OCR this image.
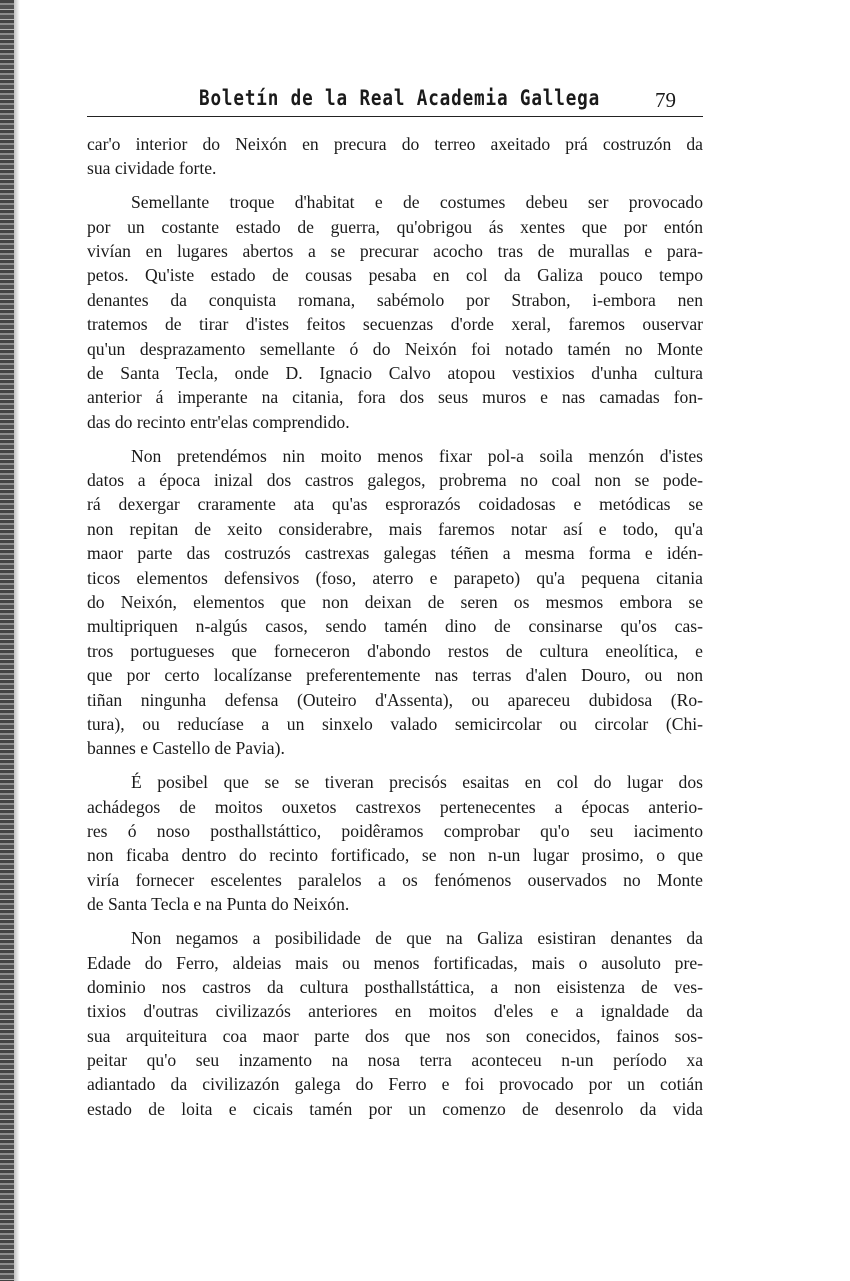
Boletín de la Real Academia Gallega	79
car'o interior do Neixón en precura do terreo axeitado prá costruzón da
sua cividade forte.
Semellante troque d'habitat e de costumes debeu ser provocado
por un costante estado de guerra, qu'obrigou ás xentes que por entón
vivían en lugares abertos a se precurar acocho tras de murallas e para-
petos. Qu'iste estado de cousas pesaba en col da Galiza pouco tempo
denantes da conquista romana, sabémolo por Strabon, i-embora nen
tratemos de tirar d'istes feitos secuenzas d'orde xeral, faremos ouservar
qu'un desprazamento semellante ó do Neixón foi notado tamén no Monte
de Santa Tecla, onde D. Ignacio Calvo atopou vestixios d'unha cultura
anterior á imperante na citania, fora dos seus muros e nas camadas fon-
das do recinto entr'elas comprendido.
Non pretendémos nin moito menos fixar pol-a soila menzón d'istes
datos a época inizal dos castros galegos, probrema no coal non se pode-
rá dexergar craramente ata qu'as esprorazós coidadosas e metódicas se
non repitan de xeito considerabre, mais faremos notar así e todo, qu'a
maor parte das costruzós castrexas galegas téñen a mesma forma e idén-
ticos elementos defensivos (foso, aterro e parapeto) qu'a pequena citania
do Neixón, elementos que non deixan de seren os mesmos embora se
multipriquen n-algús casos, sendo tamén dino de consinarse qu'os cas-
tros portugueses que forneceron d'abondo restos de cultura eneolítica, e
que por certo localízanse preferentemente nas terras d'alen Douro, ou non
tiñan ningunha defensa (Outeiro d'Assenta), ou apareceu dubidosa (Ro-
tura), ou reducíase a un sinxelo valado semicircolar ou circolar (Chi-
bannes e Castello de Pavia).
É posibel que se se tiveran precisós esaitas en col do lugar dos
achádegos de moitos ouxetos castrexos pertenecentes a épocas anterio-
res ó noso posthallstáttico, poidêramos comprobar qu'o seu iacimento
non ficaba dentro do recinto fortificado, se non n-un lugar prosimo, o que
viría fornecer escelentes paralelos a os fenómenos ouservados no Monte
de Santa Tecla e na Punta do Neixón.
Non negamos a posibilidade de que na Galiza esistiran denantes da
Edade do Ferro, aldeias mais ou menos fortificadas, mais o ausoluto pre-
dominio nos castros da cultura posthallstáttica, a non eisistenza de ves-
tixios d'outras civilizazós anteriores en moitos d'eles e a ignaldade da
sua arquiteitura coa maor parte dos que nos son conecidos, fainos sos-
peitar qu'o seu inzamento na nosa terra aconteceu n-un período xa
adiantado da civilizazón galega do Ferro e foi provocado por un cotián
estado de loita e cicais tamén por un comenzo de desenrolo da vida
